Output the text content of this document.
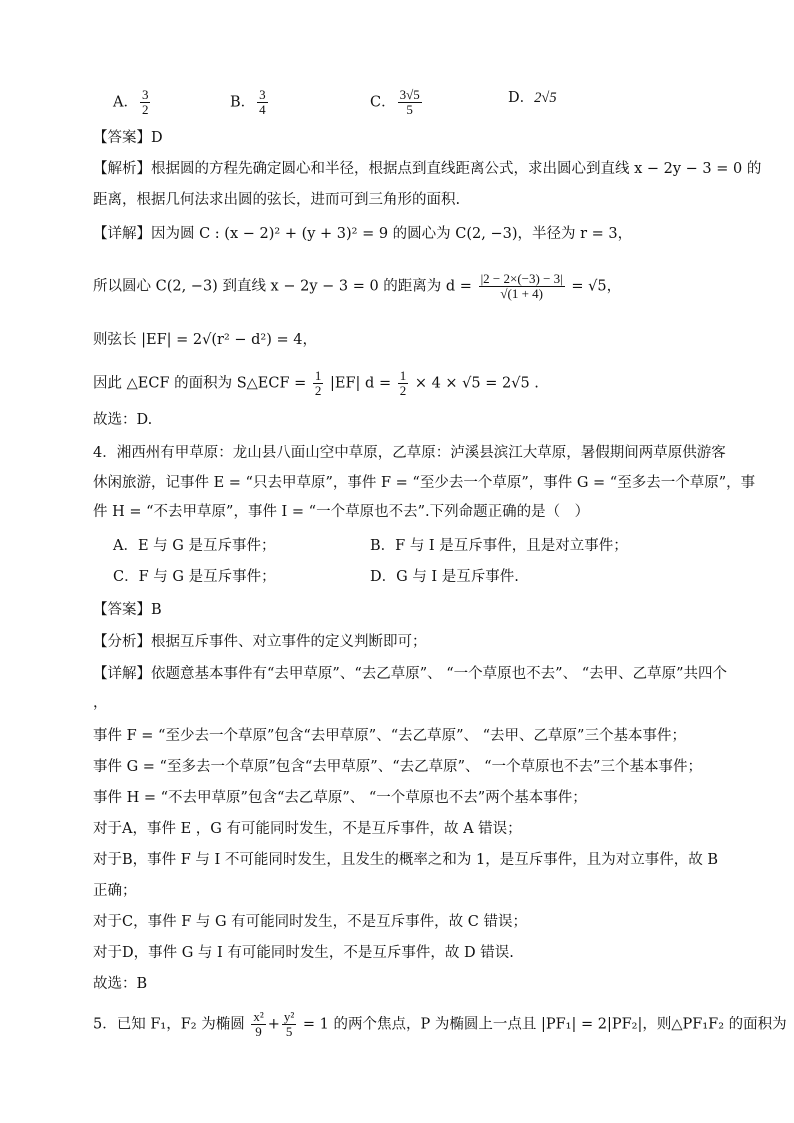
A． $\frac{3}{2}$	B． $\frac{3}{4}$	C． $\frac{3√5}{5}$	D．2√5
【答案】D
【解析】根据圆的方程先确定圆心和半径，根据点到直线距离公式，求出圆心到直线 x − 2y − 3 = 0 的
距离，根据几何法求出圆的弦长，进而可到三角形的面积.
【详解】因为圆 C : (x − 2)² + (y + 3)² = 9 的圆心为 C(2, −3)，半径为 r = 3，
所以圆心 C(2, −3) 到直线 x − 2y − 3 = 0 的距离为 $d = \frac{|2 - 2\times(-3) - 3|}{√(1 + 4)} = √5$，
则弦长 |EF| = 2√(r² − d²) = 4，
因此 △ECF 的面积为 S△ECF = $\frac{1}{2} |EF|$ $d = \frac{1}{2} \times 4 \times √5 = 2√5$ .
故选：D.
4．湘西州有甲草原：龙山县八面山空中草原，乙草原：泸溪县滨江大草原，暑假期间两草原供游客
休闲旅游，记事件 E = “只去甲草原”，事件 F = “至少去一个草原”，事件 G = “至多去一个草原”，事
件 H = “不去甲草原”，事件 I = “一个草原也不去”.下列命题正确的是（　）
A．E 与 G 是互斥事件；	B．F 与 I 是互斥事件，且是对立事件；
C．F 与 G 是互斥事件；	D．G 与 I 是互斥事件.
【答案】B
【分析】根据互斥事件、对立事件的定义判断即可；
【详解】依题意基本事件有“去甲草原”、“去乙草原”、 “一个草原也不去”、 “去甲、乙草原”共四个
，
事件 F = “至少去一个草原”包含“去甲草原”、“去乙草原”、 “去甲、乙草原”三个基本事件；
事件 G = “至多去一个草原”包含“去甲草原”、“去乙草原”、 “一个草原也不去”三个基本事件；
事件 H = “不去甲草原”包含“去乙草原”、 “一个草原也不去”两个基本事件；
对于A，事件 E ，G 有可能同时发生，不是互斥事件，故 A 错误；
对于B，事件 F 与 I 不可能同时发生，且发生的概率之和为 1，是互斥事件，且为对立事件，故 B
正确；
对于C，事件 F 与 G 有可能同时发生，不是互斥事件，故 C 错误；
对于D，事件 G 与 I 有可能同时发生，不是互斥事件，故 D 错误.
故选：B
5．已知 F₁，F₂ 为椭圆 $\frac{\text{x²}}{9} + \frac{\text{y²}}{5} = 1$ 的两个焦点，P 为椭圆上一点且 |PF₁| = 2|PF₂|，则△PF₁F₂ 的面积为
